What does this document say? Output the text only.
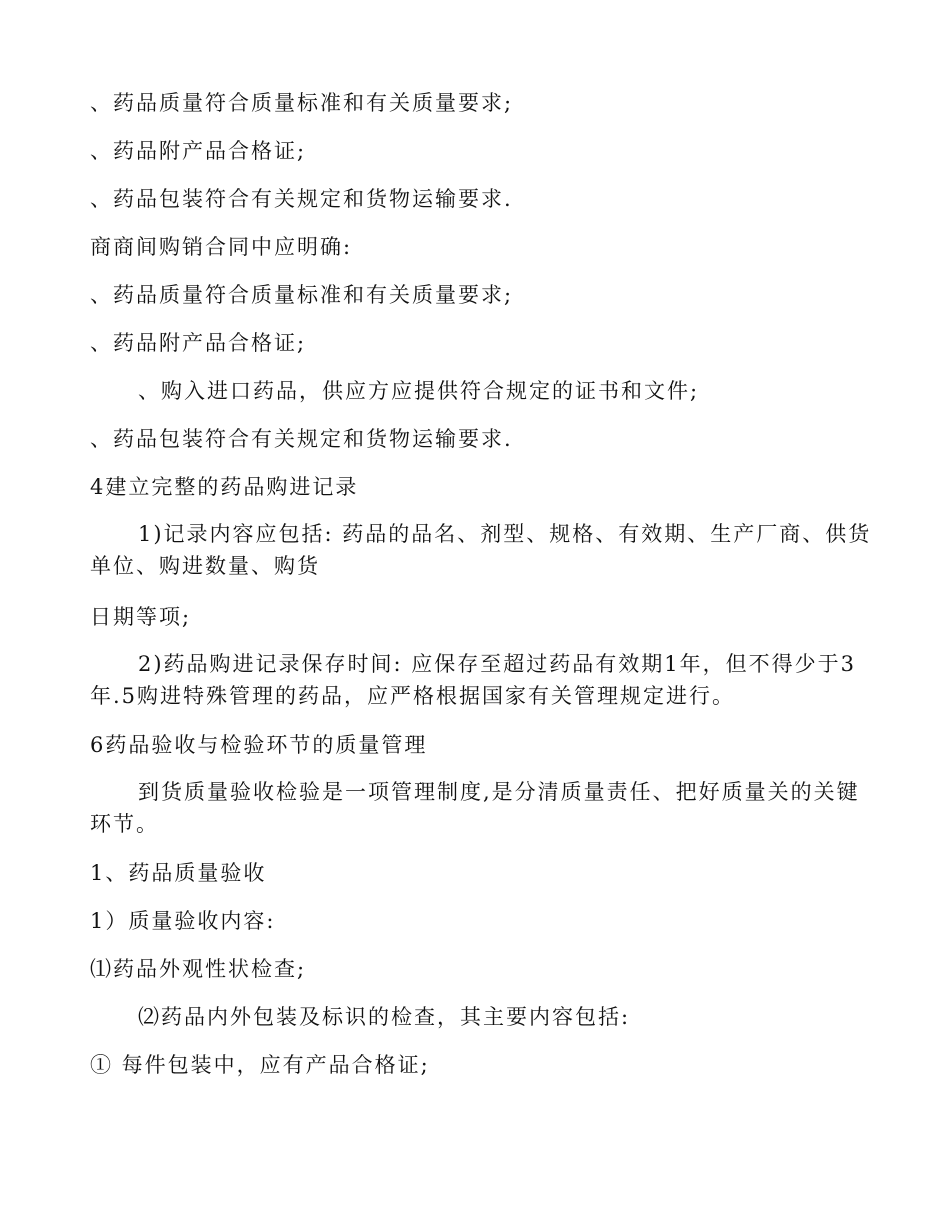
、药品质量符合质量标准和有关质量要求;
、药品附产品合格证;
、药品包装符合有关规定和货物运输要求.
商商间购销合同中应明确:
、药品质量符合质量标准和有关质量要求;
、药品附产品合格证;
、购入进口药品，供应方应提供符合规定的证书和文件;
、药品包装符合有关规定和货物运输要求.
4建立完整的药品购进记录
1)记录内容应包括: 药品的品名、剂型、规格、有效期、生产厂商、供货单位、购进数量、购货
日期等项;
2)药品购进记录保存时间: 应保存至超过药品有效期1年，但不得少于3年.5购进特殊管理的药品，应严格根据国家有关管理规定进行。
6药品验收与检验环节的质量管理
到货质量验收检验是一项管理制度,是分清质量责任、把好质量关的关键环节。
1、药品质量验收
1）质量验收内容:
⑴药品外观性状检查;
⑵药品内外包装及标识的检查，其主要内容包括:
① 每件包装中，应有产品合格证;
